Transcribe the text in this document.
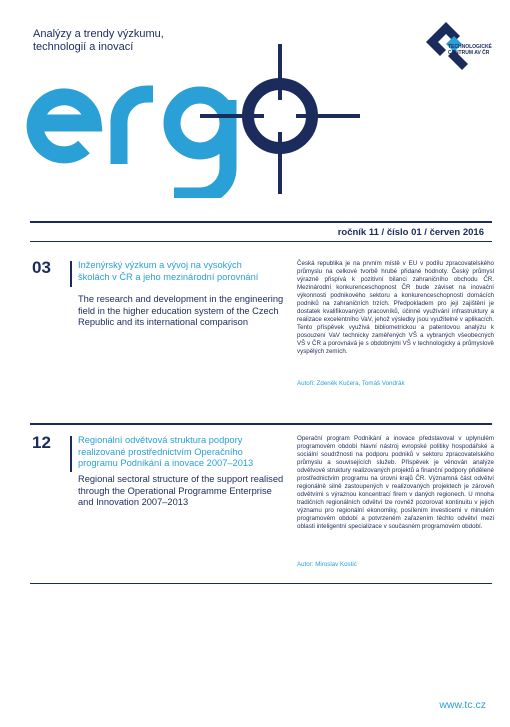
Analýzy a trendy výzkumu,
technologií a inovací	TECHNOLOGICKÉ
CENTRUM AV ČR
ročník 11 / číslo 01 / červen 2016
03	Inženýrský výzkum a vývoj na vysokých školách v ČR a jeho mezinárodní porovnání
The research and development in the engineering field in the higher education system of the Czech Republic and its international comparison
Česká republika je na prvním místě v EU v podílu zpracovatelského průmyslu na celkové tvorbě hrubé přidané hodnoty. Český průmysl výrazně přispívá k pozitivní bilanci zahraničního obchodu ČR. Mezinárodní konkurenceschopnost ČR bude záviset na inovační výkonnosti podnikového sektoru a konkurenceschopnosti domácích podniků na zahraničních trzích. Předpokladem pro její zajištění je dostatek kvalifikovaných pracovníků, účinné využívání infrastruktury a realizace excelentního VaV, jehož výsledky jsou využitelné v aplikacích. Tento příspěvek využívá bibliometrickou a patentovou analýzu k posouzení VaV technicky zaměřených VŠ a vybraných všeobecných VŠ v ČR a porovnává je s obdobnými VŠ v technologicky a průmyslově vyspělých zemích.
Autoři: Zdeněk Kučera, Tomáš Vondrák
12	Regionální odvětvová struktura podpory realizované prostřednictvím Operačního programu Podnikání a inovace 2007–2013
Regional sectoral structure of the support realised through the Operational Programme Enterprise and Innovation 2007–2013
Operační program Podnikání a inovace představoval v uplynulém programovém období hlavní nástroj evropské politiky hospodářské a sociální soudržnosti na podporu podniků v sektoru zpracovatelského průmyslu a souvisejících služeb. Příspěvek je věnován analýze odvětvové struktury realizovaných projektů a finanční podpory přidělené prostřednictvím programu na úrovni krajů ČR. Významná část odvětví regionálně silně zastoupených v realizovaných projektech je zároveň odvětvími s výraznou koncentrací firem v daných regionech. U mnoha tradičních regionálních odvětví lze rovněž pozorovat kontinuitu v jejich významu pro regionální ekonomiky, posílením investicemi v minulém programovém období a potvrzeném zařazením těchto odvětví mezi oblasti inteligentní specializace v současném programovém období.
Autor: Miroslav Kostić
www.tc.cz
